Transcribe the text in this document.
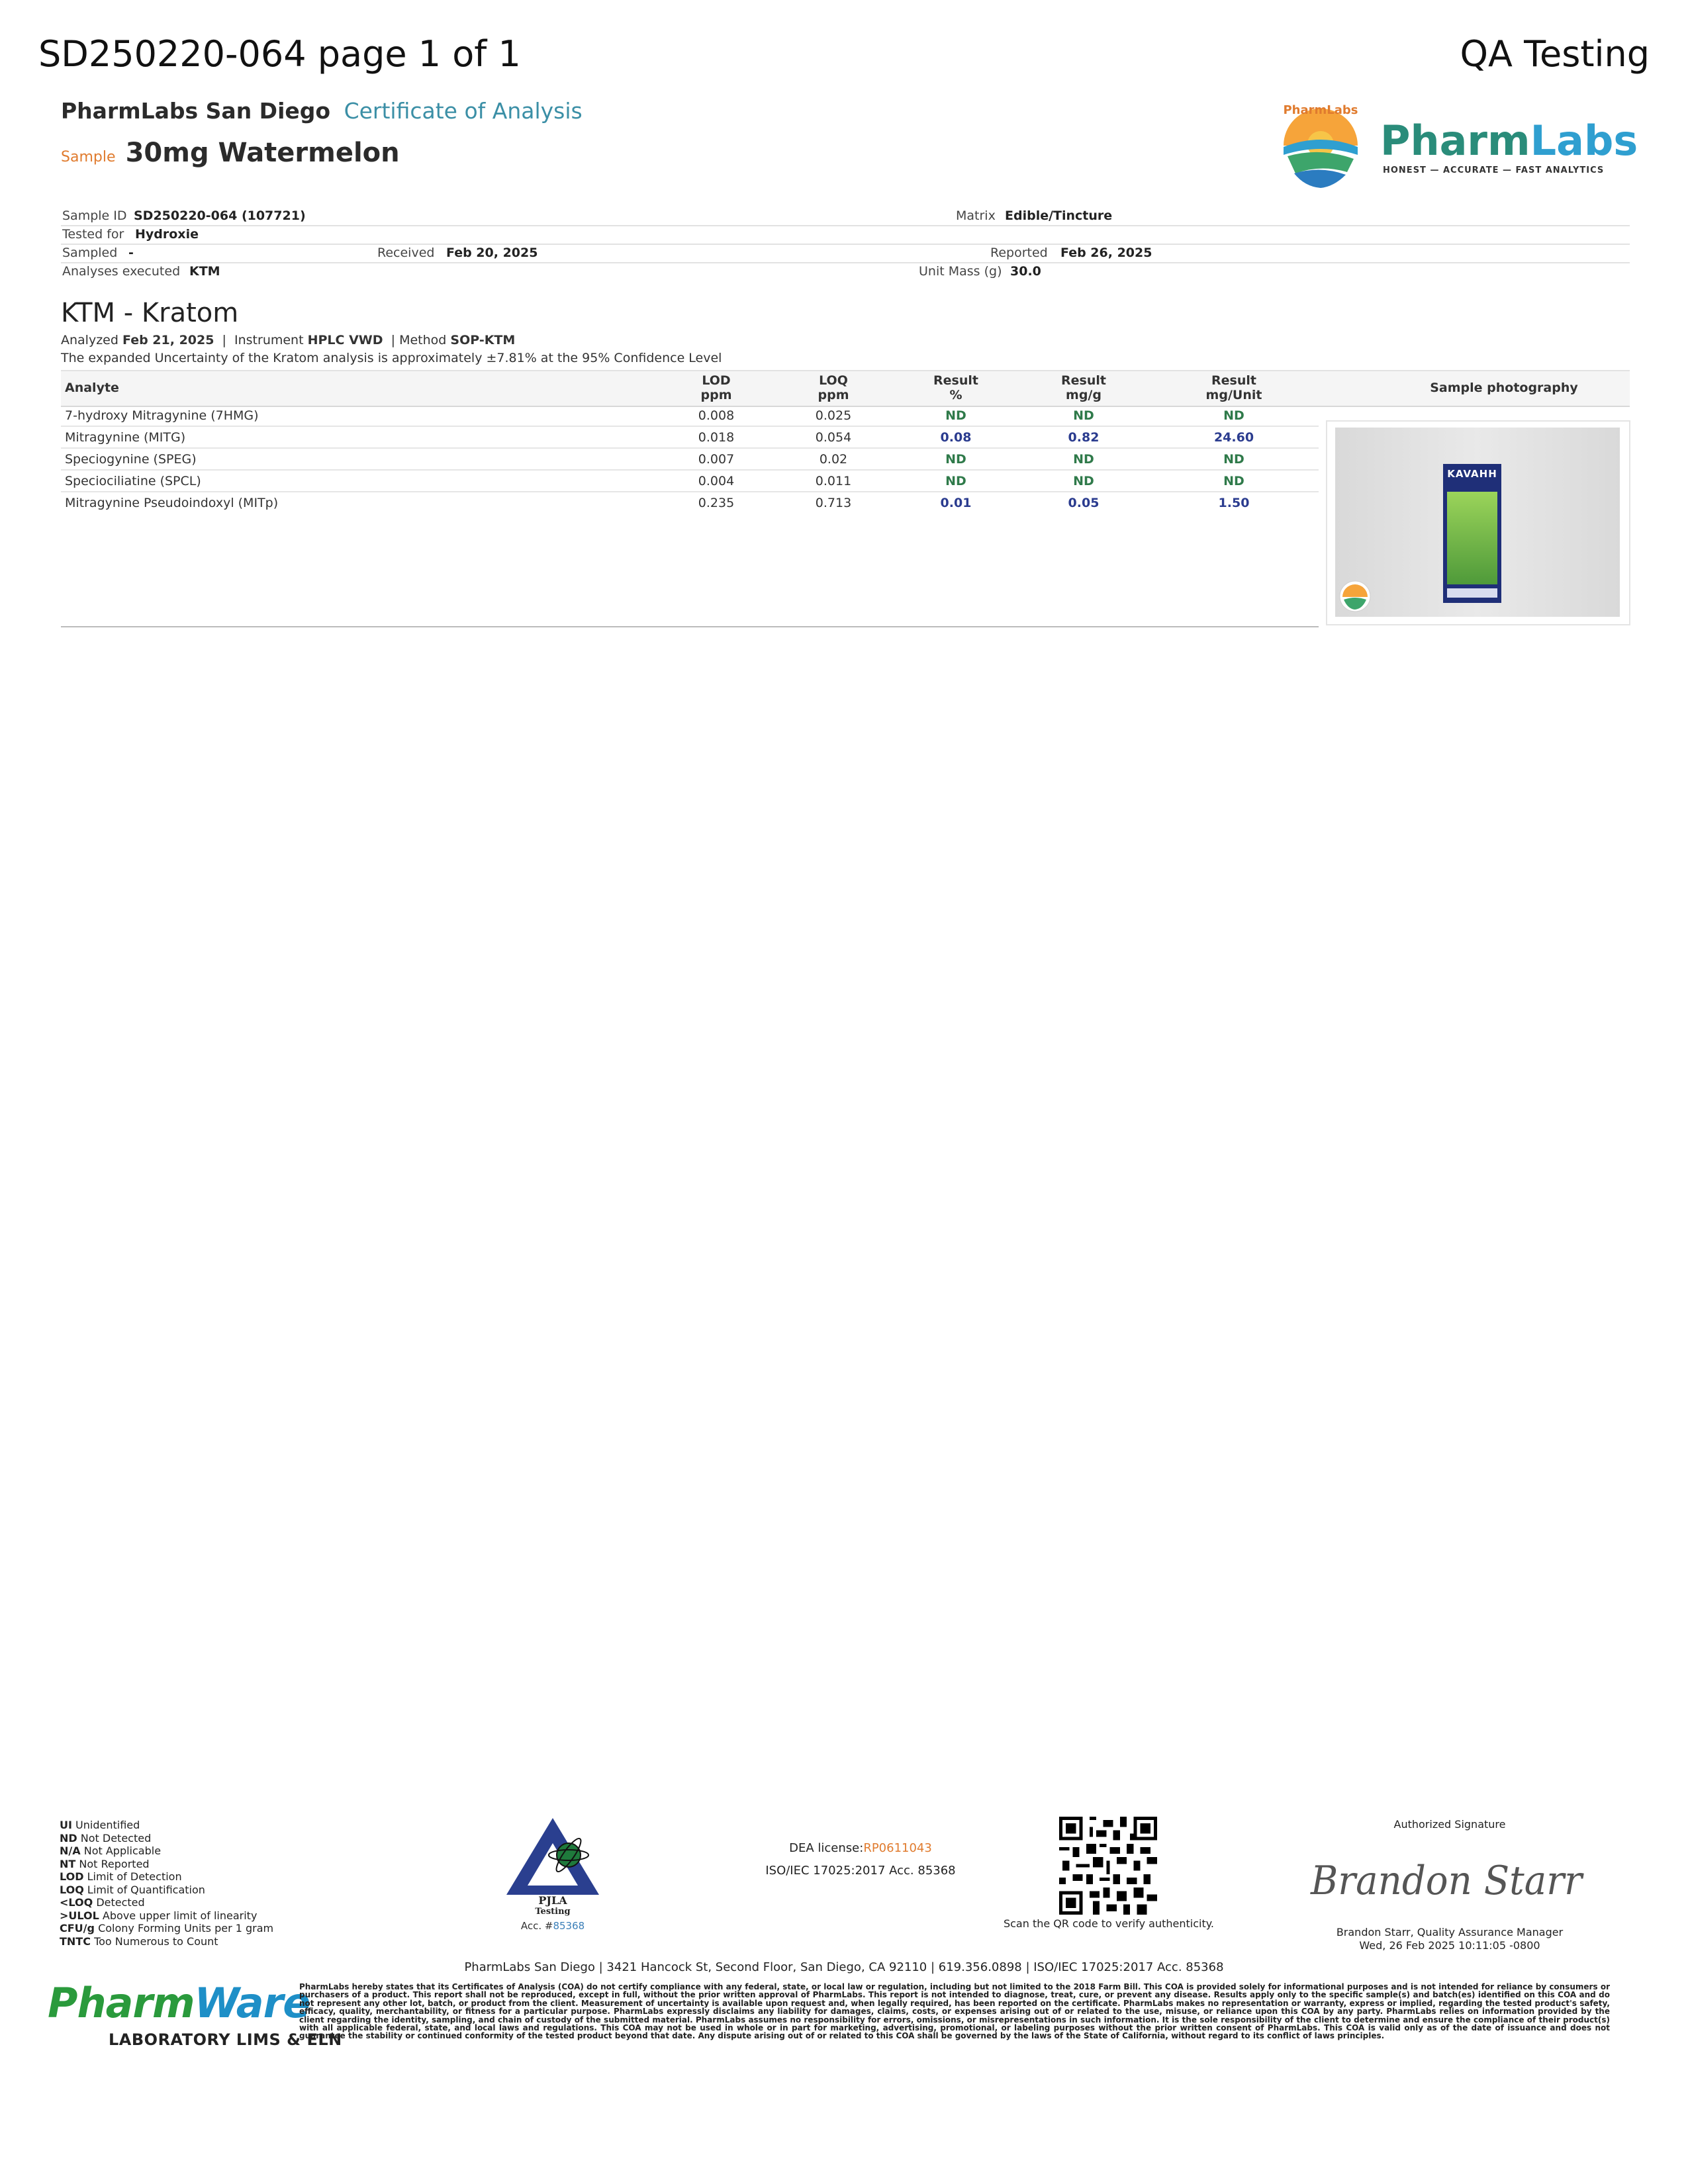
SD250220-064 page 1 of 1	QA Testing
PharmLabs San Diego Certificate of Analysis
Sample 30mg Watermelon
PharmLabs
PharmLabs
HONEST — ACCURATE — FAST ANALYTICS
Sample ID SD250220-064 (107721)	Matrix Edible/Tincture
Tested for Hydroxie
Sampled -	Received Feb 20, 2025	Reported Feb 26, 2025
Analyses executed KTM	Unit Mass (g) 30.0
KTM - Kratom
Analyzed Feb 21, 2025  |  Instrument HPLC VWD  | Method SOP-KTM
The expanded Uncertainty of the Kratom analysis is approximately ±7.81% at the 95% Confidence Level
Analyte	LOD
ppm
LOQ
ppm
Result
%
Result
mg/g
Result
mg/Unit	Sample photography
7-hydroxy Mitragynine (7HMG)	0.008	0.025	ND	ND	ND
Mitragynine (MITG)	0.018	0.054	0.08	0.82	24.60
Speciogynine (SPEG)	0.007	0.02	ND	ND	ND
Speciociliatine (SPCL)	0.004	0.011	ND	ND	ND
Mitragynine Pseudoindoxyl (MITp)	0.235	0.713	0.01	0.05	1.50
KAVAHH
UI Unidentified
ND Not Detected
N/A Not Applicable
NT Not Reported
LOD Limit of Detection
LOQ Limit of Quantification
<LOQ Detected
>ULOL Above upper limit of linearity
CFU/g Colony Forming Units per 1 gram
TNTC Too Numerous to Count
PJLA
Testing
Acc. #85368
DEA license:RP0611043
ISO/IEC 17025:2017 Acc. 85368
Scan the QR code to verify authenticity.
Authorized Signature
Brandon Starr
Brandon Starr, Quality Assurance Manager
Wed, 26 Feb 2025 10:11:05 -0800
PharmLabs San Diego | 3421 Hancock St, Second Floor, San Diego, CA 92110 | 619.356.0898 | ISO/IEC 17025:2017 Acc. 85368
PharmWare
LABORATORY LIMS & ELN
PharmLabs hereby states that its Certificates of Analysis (COA) do not certify compliance with any federal, state, or local law or regulation, including but not limited to the 2018 Farm Bill. This COA is provided solely for informational purposes and is not intended for reliance by consumers or purchasers of a product. This report shall not be reproduced, except in full, without the prior written approval of PharmLabs. This report is not intended to diagnose, treat, cure, or prevent any disease. Results apply only to the specific sample(s) and batch(es) identified on this COA and do not represent any other lot, batch, or product from the client. Measurement of uncertainty is available upon request and, when legally required, has been reported on the certificate. PharmLabs makes no representation or warranty, express or implied, regarding the tested product's safety, efficacy, quality, merchantability, or fitness for a particular purpose. PharmLabs expressly disclaims any liability for damages, claims, costs, or expenses arising out of or related to the use, misuse, or reliance upon this COA by any party. PharmLabs relies on information provided by the client regarding the identity, sampling, and chain of custody of the submitted material. PharmLabs assumes no responsibility for errors, omissions, or misrepresentations in such information. It is the sole responsibility of the client to determine and ensure the compliance of their product(s) with all applicable federal, state, and local laws and regulations. This COA may not be used in whole or in part for marketing, advertising, promotional, or labeling purposes without the prior written consent of PharmLabs. This COA is valid only as of the date of issuance and does not guarantee the stability or continued conformity of the tested product beyond that date. Any dispute arising out of or related to this COA shall be governed by the laws of the State of California, without regard to its conflict of laws principles.
